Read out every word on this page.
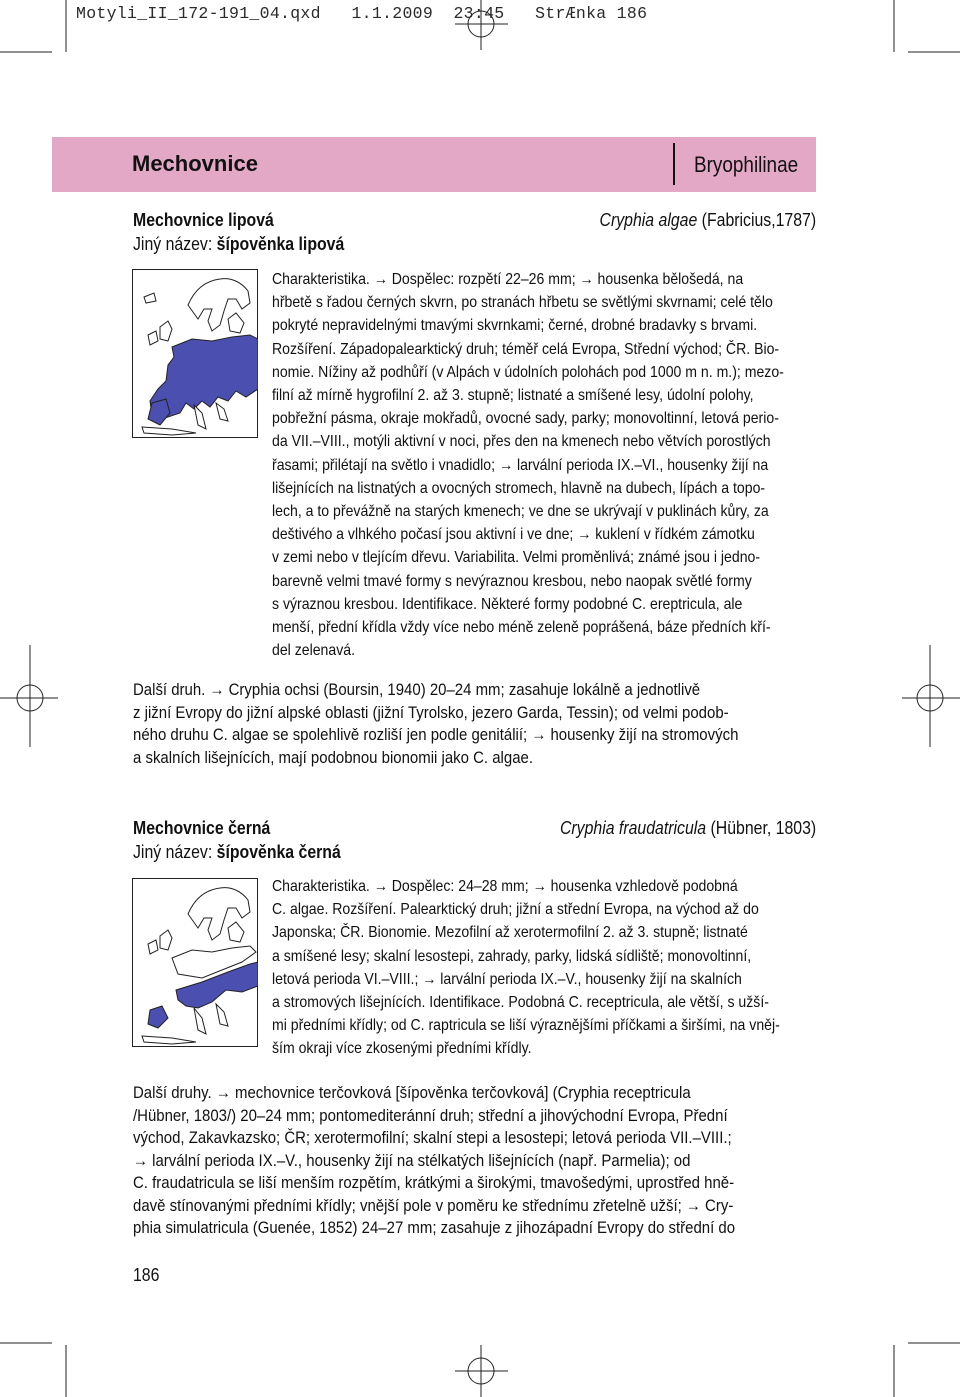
Motyli_II_172-191_04.qxd   1.1.2009  23:45   StrÆnka 186
Mechovnice	Bryophilinae
Mechovnice lipová
Jiný název: šípověnka lipová
Cryphia algae (Fabricius,1787)
Charakteristika. → Dospělec: rozpětí 22–26 mm; → housenka bělošedá, na
hřbetě s řadou černých skvrn, po stranách hřbetu se světlými skvrnami; celé tělo
pokryté nepravidelnými tmavými skvrnkami; černé, drobné bradavky s brvami.
Rozšíření. Západopalearktický druh; téměř celá Evropa, Střední východ; ČR. Bio-
nomie. Nížiny až podhůří (v Alpách v údolních polohách pod 1000 m n. m.); mezo-
filní až mírně hygrofilní 2. až 3. stupně; listnaté a smíšené lesy, údolní polohy,
pobřežní pásma, okraje mokřadů, ovocné sady, parky; monovoltinní, letová perio-
da VII.–VIII., motýli aktivní v noci, přes den na kmenech nebo větvích porostlých
řasami; přilétají na světlo i vnadidlo; → larvální perioda IX.–VI., housenky žijí na
lišejnících na listnatých a ovocných stromech, hlavně na dubech, lípách a topo-
lech, a to převážně na starých kmenech; ve dne se ukrývají v puklinách kůry, za
deštivého a vlhkého počasí jsou aktivní i ve dne; → kuklení v řídkém zámotku
v zemi nebo v tlejícím dřevu. Variabilita. Velmi proměnlivá; známé jsou i jedno-
barevně velmi tmavé formy s nevýraznou kresbou, nebo naopak světlé formy
s výraznou kresbou. Identifikace. Některé formy podobné C. ereptricula, ale
menší, přední křídla vždy více nebo méně zeleně poprášená, báze předních kří-
del zelenavá.
Další druh. → Cryphia ochsi (Boursin, 1940) 20–24 mm; zasahuje lokálně a jednotlivě
z jižní Evropy do jižní alpské oblasti (jižní Tyrolsko, jezero Garda, Tessin); od velmi podob-
ného druhu C. algae se spolehlivě rozliší jen podle genitálií; → housenky žijí na stromových
a skalních lišejnících, mají podobnou bionomii jako C. algae.
Mechovnice černá
Jiný název: šípověnka černá
Cryphia fraudatricula (Hübner, 1803)
Charakteristika. → Dospělec: 24–28 mm; → housenka vzhledově podobná
C. algae. Rozšíření. Palearktický druh; jižní a střední Evropa, na východ až do
Japonska; ČR. Bionomie. Mezofilní až xerotermofilní 2. až 3. stupně; listnaté
a smíšené lesy; skalní lesostepi, zahrady, parky, lidská sídliště; monovoltinní,
letová perioda VI.–VIII.; → larvální perioda IX.–V., housenky žijí na skalních
a stromových lišejnících. Identifikace. Podobná C. receptricula, ale větší, s užší-
mi předními křídly; od C. raptricula se liší výraznějšími příčkami a širšími, na vněj-
ším okraji více zkosenými předními křídly.
Další druhy. → mechovnice terčovková [šípověnka terčovková] (Cryphia receptricula
/Hübner, 1803/) 20–24 mm; pontomediteránní druh; střední a jihovýchodní Evropa, Přední
východ, Zakavkazsko; ČR; xerotermofilní; skalní stepi a lesostepi; letová perioda VII.–VIII.;
→ larvální perioda IX.–V., housenky žijí na stélkatých lišejnících (např. Parmelia); od
C. fraudatricula se liší menším rozpětím, krátkými a širokými, tmavošedými, uprostřed hně-
davě stínovanými předními křídly; vnější pole v poměru ke střednímu zřetelně užší; → Cry-
phia simulatricula (Guenée, 1852) 24–27 mm; zasahuje z jihozápadní Evropy do střední do
186
